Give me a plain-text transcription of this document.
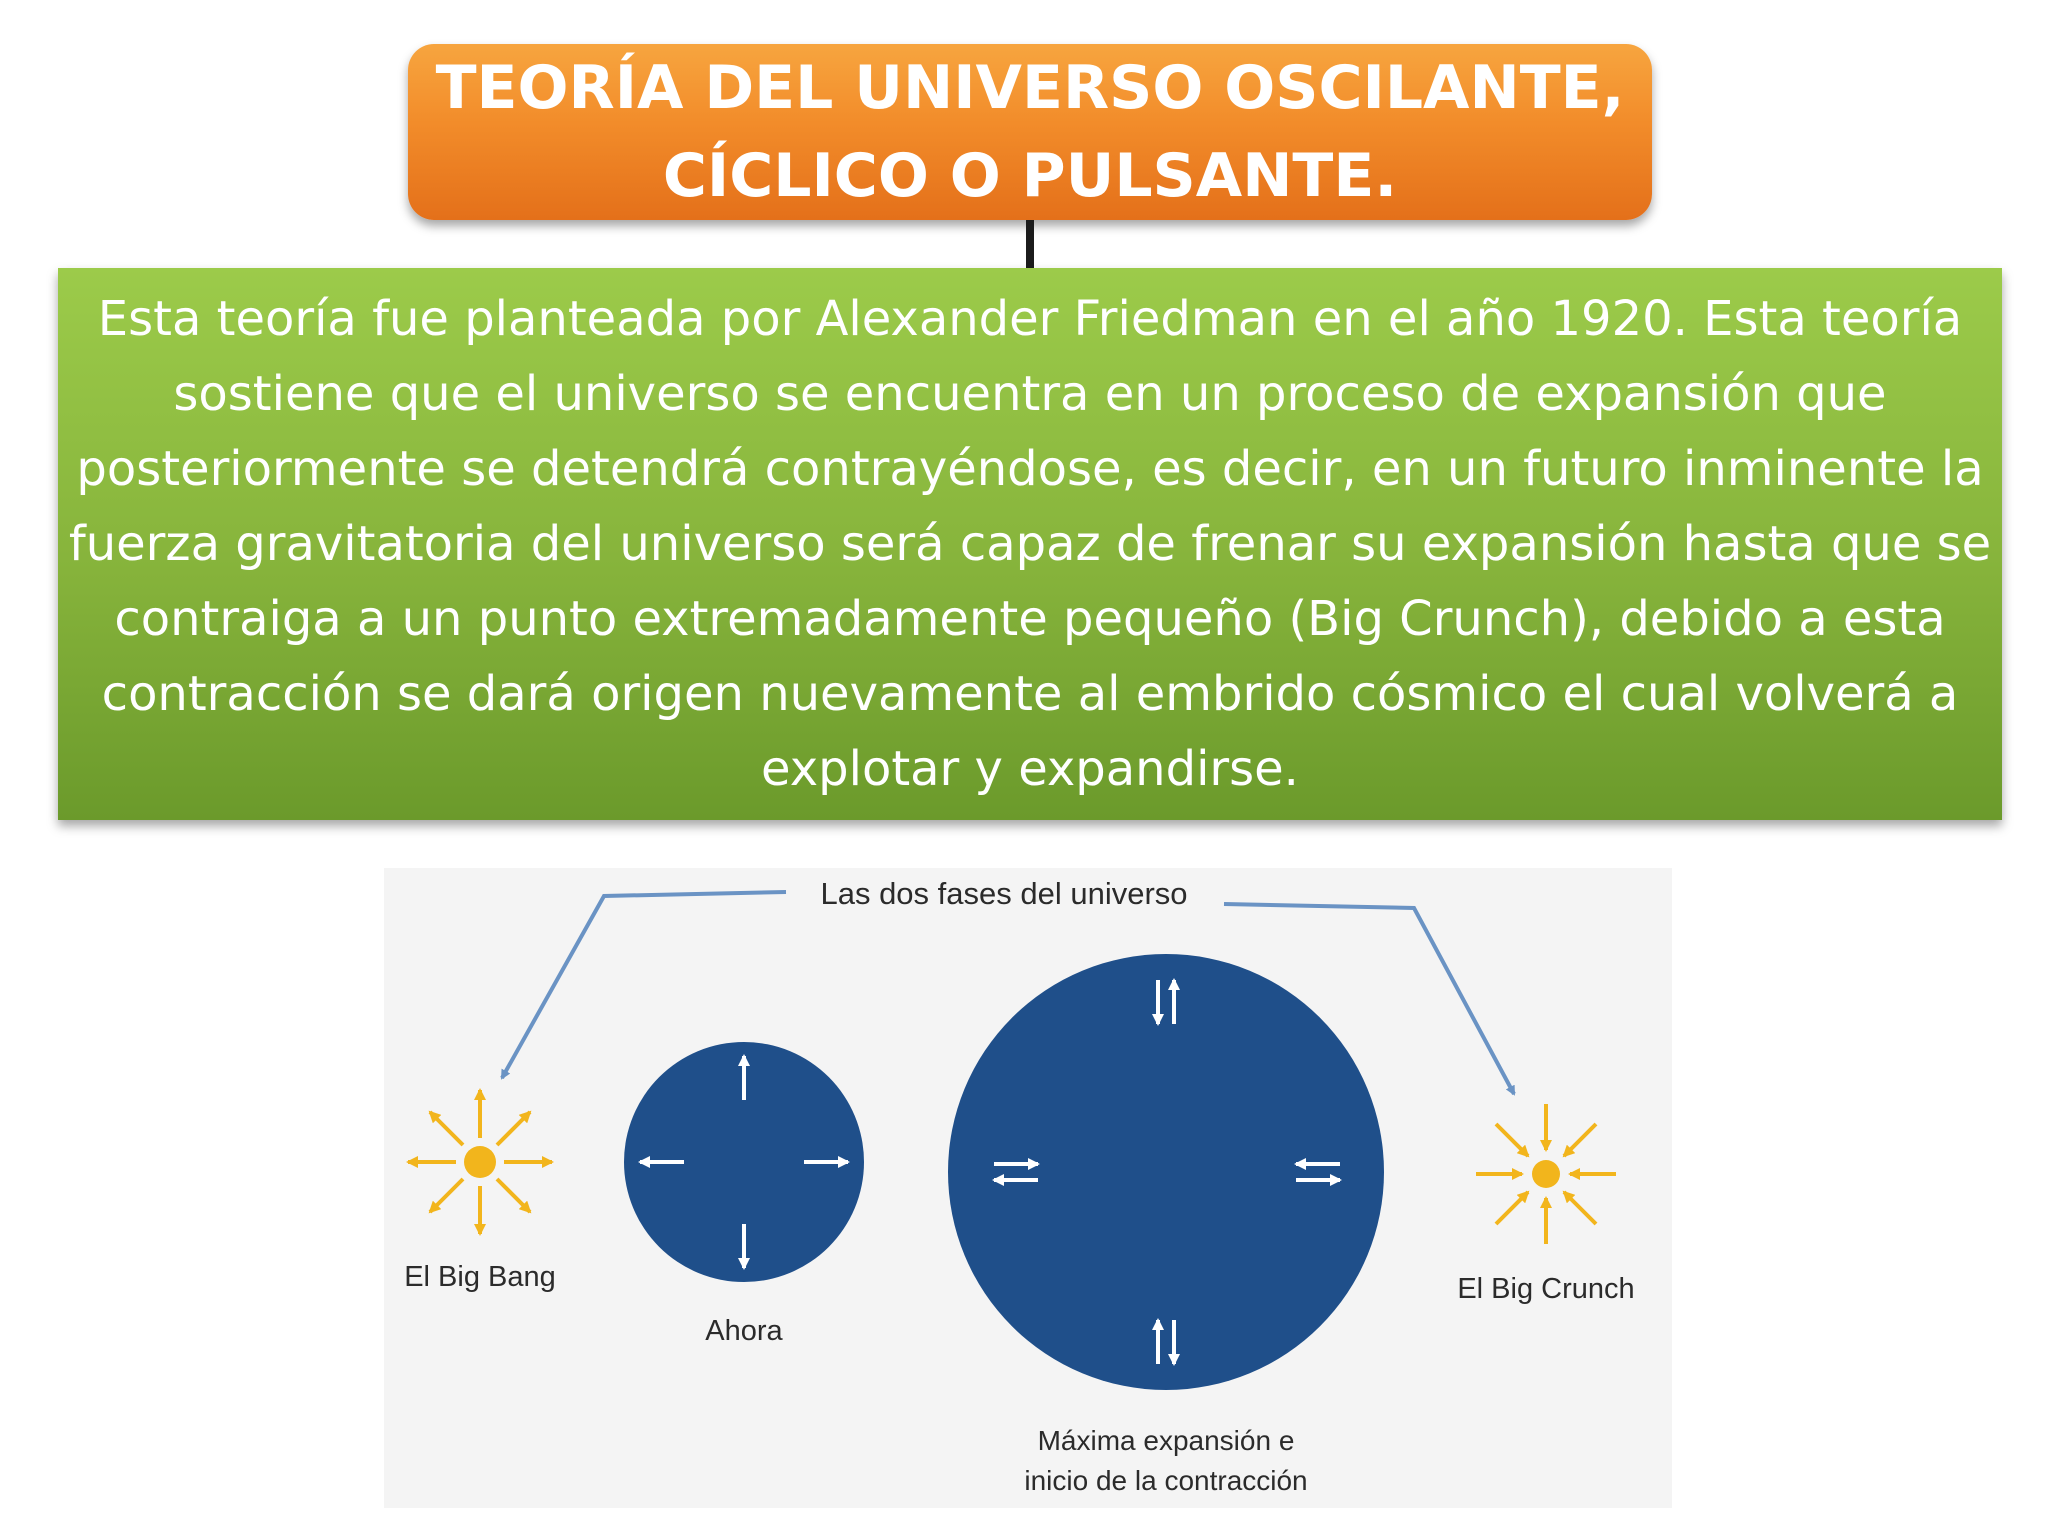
TEORÍA DEL UNIVERSO OSCILANTE,
CÍCLICO O PULSANTE.
Esta teoría fue planteada por Alexander Friedman en el año 1920. Esta teoría sostiene que el universo se encuentra en un proceso de expansión que posteriormente se detendrá contrayéndose, es decir, en un futuro inminente la fuerza gravitatoria del universo será capaz de frenar su expansión hasta que se contraiga a un punto extremadamente pequeño (Big Crunch), debido a esta contracción se dará origen nuevamente al embrido cósmico el cual volverá a explotar y expandirse.
Las dos fases del universo
El Big Bang
Ahora
Máxima expansión e
inicio de la contracción
El Big Crunch
